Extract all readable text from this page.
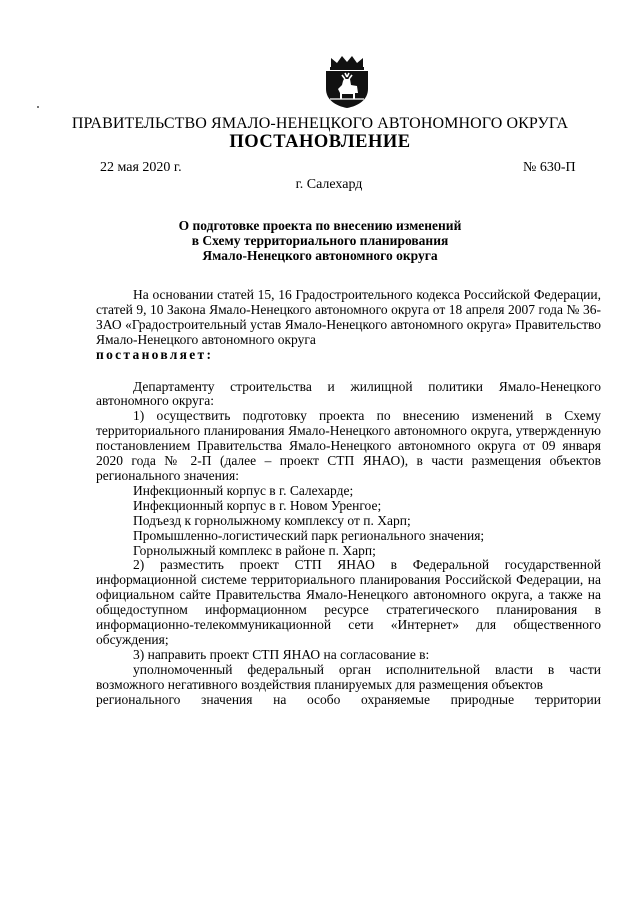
ПРАВИТЕЛЬСТВО ЯМАЛО-НЕНЕЦКОГО АВТОНОМНОГО ОКРУГА
ПОСТАНОВЛЕНИЕ
22 мая 2020 г.	№ 630-П
г. Салехард
О подготовке проекта по внесению изменений
в Схему территориального планирования
Ямало-Ненецкого автономного округа

На основании статей 15, 16 Градостроительного кодекса Российской Федерации, статей 9, 10 Закона Ямало-Ненецкого автономного округа от 18 апреля 2007 года № 36-ЗАО «Градостроительный устав Ямало-Ненецкого автономного округа» Правительство Ямало-Ненецкого автономного округа

постановляет:

Департаменту строительства и жилищной политики Ямало-Ненецкого автономного округа:

1) осуществить подготовку проекта по внесению изменений в Схему территориального планирования Ямало-Ненецкого автономного округа, утвержденную постановлением Правительства Ямало-Ненецкого автономного округа от 09 января 2020 года № 2-П (далее – проект СТП ЯНАО), в части размещения объектов регионального значения:

Инфекционный корпус в г. Салехарде;

Инфекционный корпус в г. Новом Уренгое;

Подъезд к горнолыжному комплексу от п. Харп;

Промышленно-логистический парк регионального значения;

Горнолыжный комплекс в районе п. Харп;

2) разместить проект СТП ЯНАО в Федеральной государственной информационной системе территориального планирования Российской Федерации, на официальном сайте Правительства Ямало-Ненецкого автономного округа, а также на общедоступном информационном ресурсе стратегического планирования в информационно-телекоммуникационной сети «Интернет» для общественного обсуждения;

3) направить проект СТП ЯНАО на согласование в:

уполномоченный федеральный орган исполнительной власти в части возможного негативного воздействия планируемых для размещения объектов

регионального значения на особо охраняемые природные территории
